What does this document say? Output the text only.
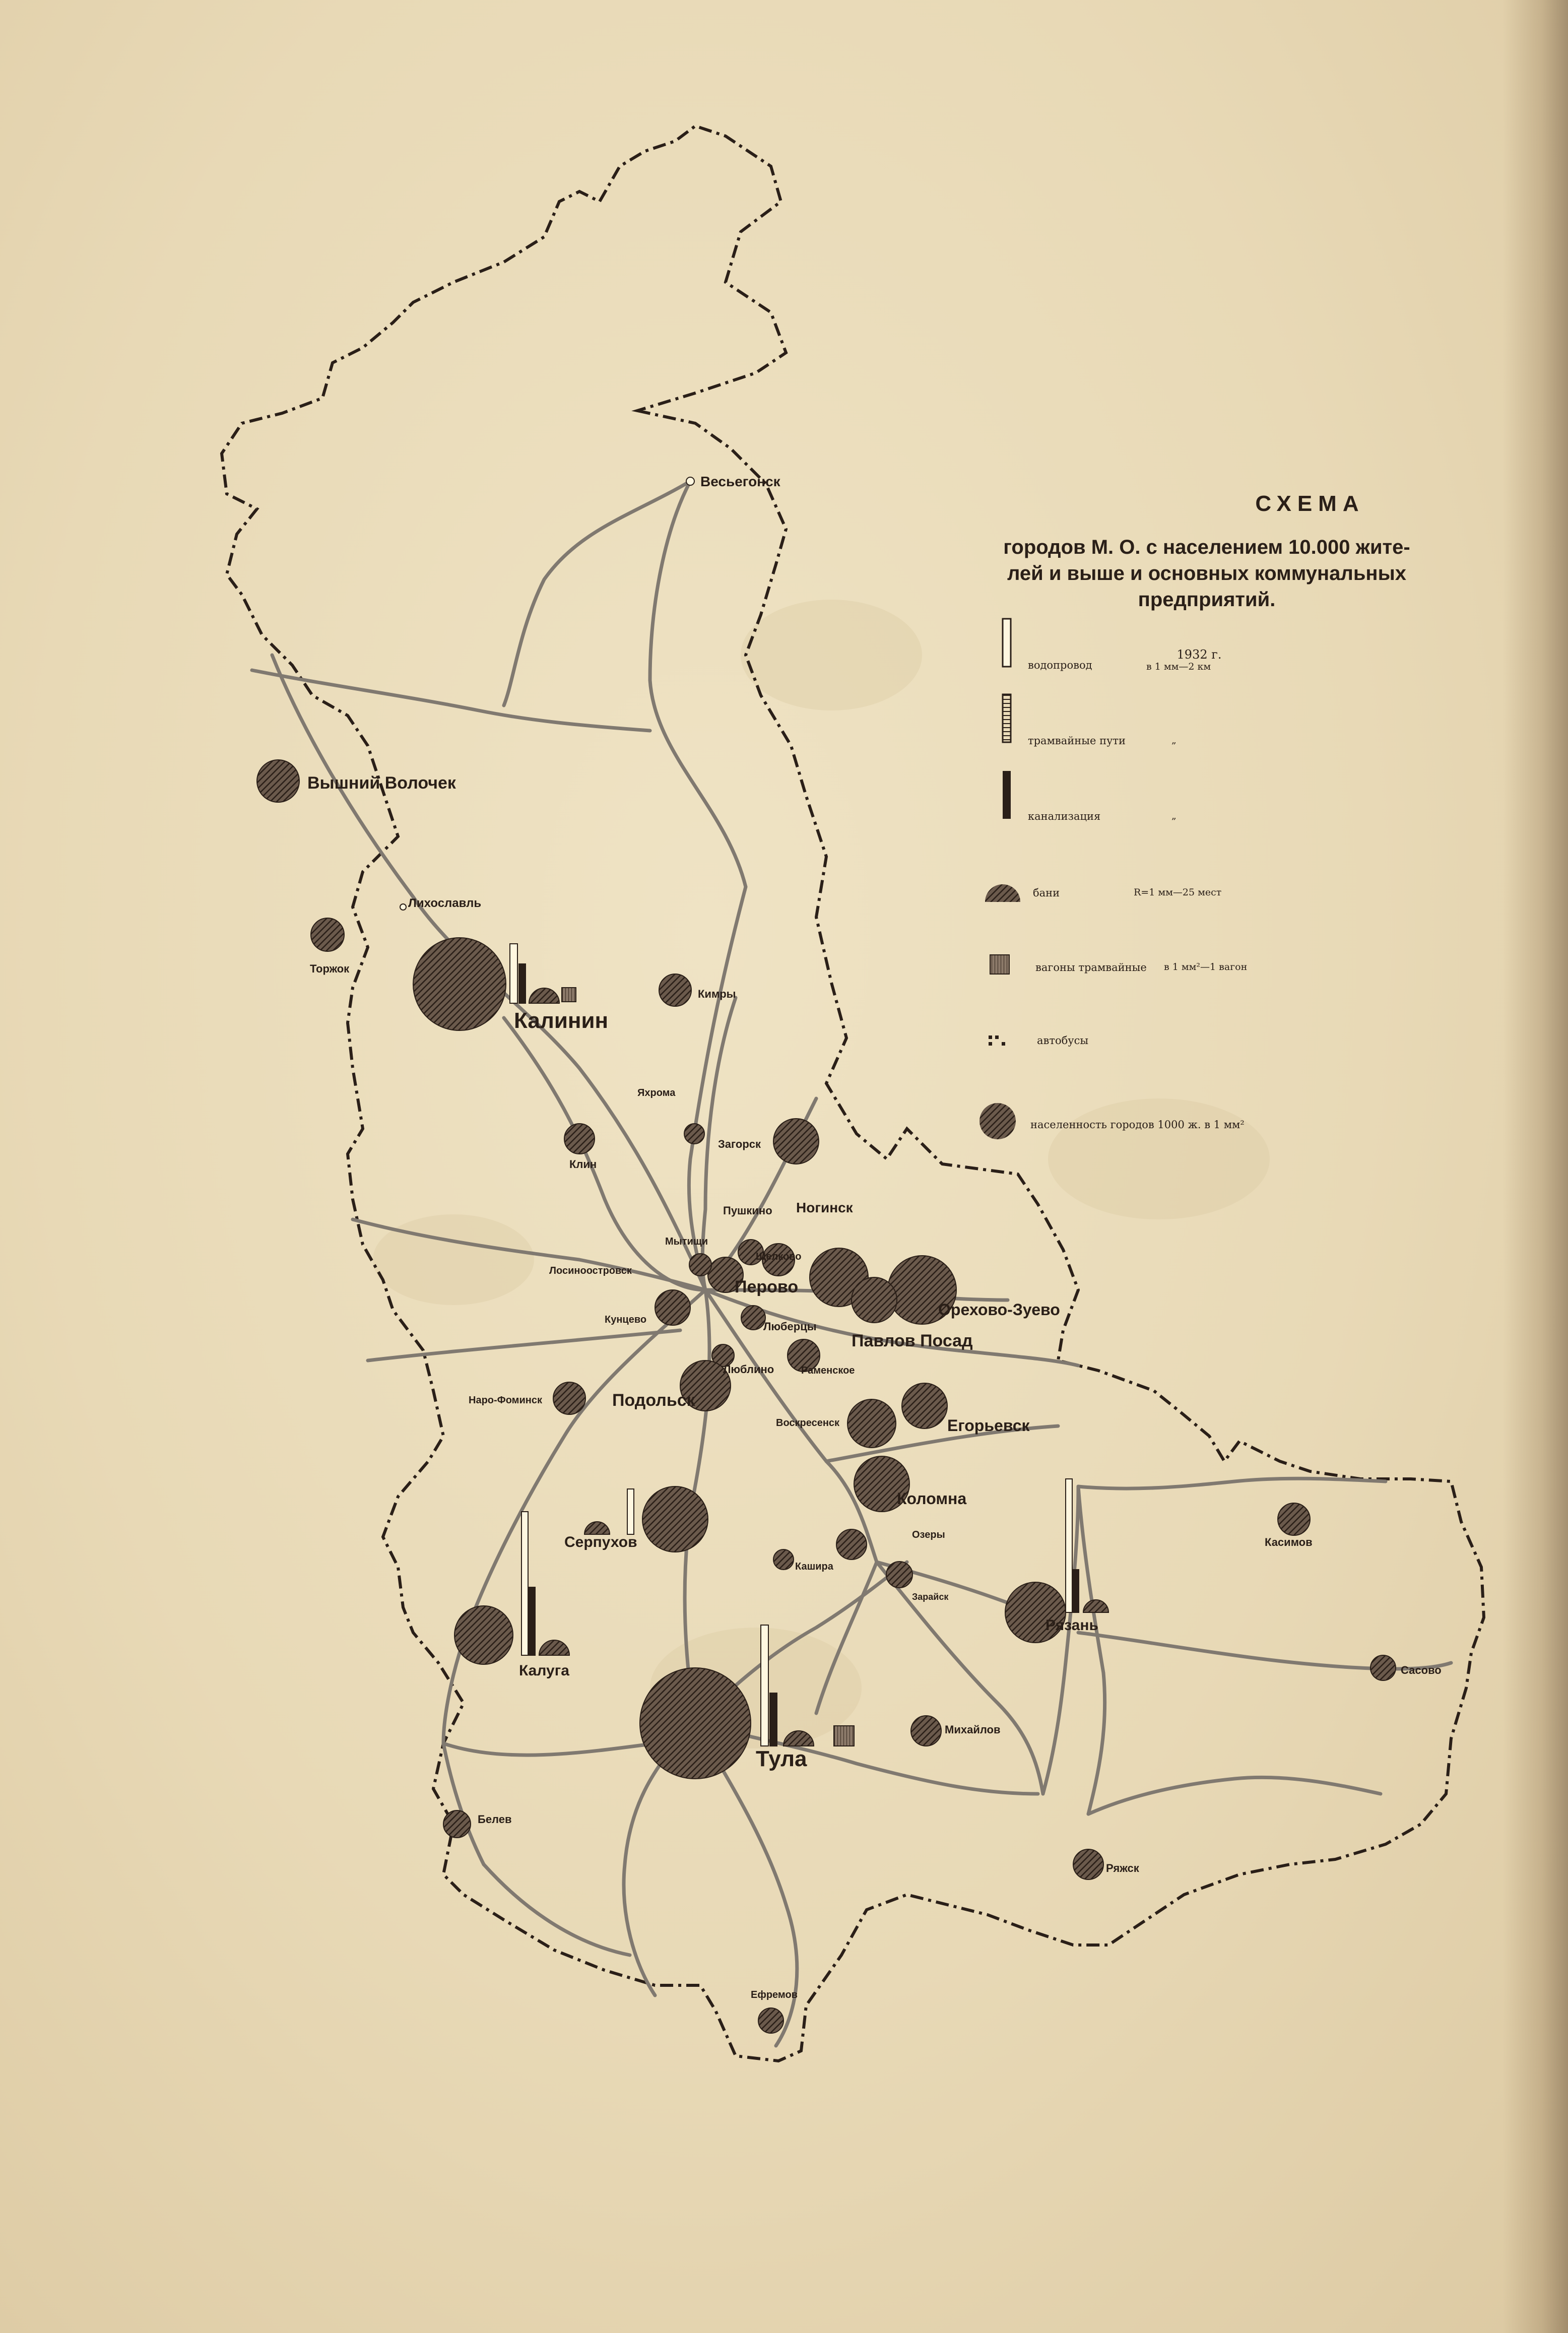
Весьегонск
Вышний Волочек
Лихославль
Торжок
Калинин
Кимры
Яхрома
Загорск
Клин
Пушкино Ногинск
Мытищи
Щелково
Лосиноостровск
Перово
Кунцево
Орехово-Зуево
Люберцы
Павлов Посад
Люблино	Раменское
Наро-Фоминск	Подольск
Воскресенск	Егорьевск
Коломна
Серпухов	Озеры
Кашира
Зарайск
Касимов
Рязань
Калуга	Сасово
Тула
Михайлов
Белев
Ряжск
Ефремов
СХЕМА
городов М. О. с населением 10.000 жите-
лей и выше и основных коммунальных
предприятий.
1932 г.
водопровод	в 1 мм—2 км
трамвайные пути	„
канализация	„
бани	R=1 мм—25 мест
вагоны трамвайные в 1 мм²—1 вагон
автобусы
населенность городов 1000 ж. в 1 мм²
